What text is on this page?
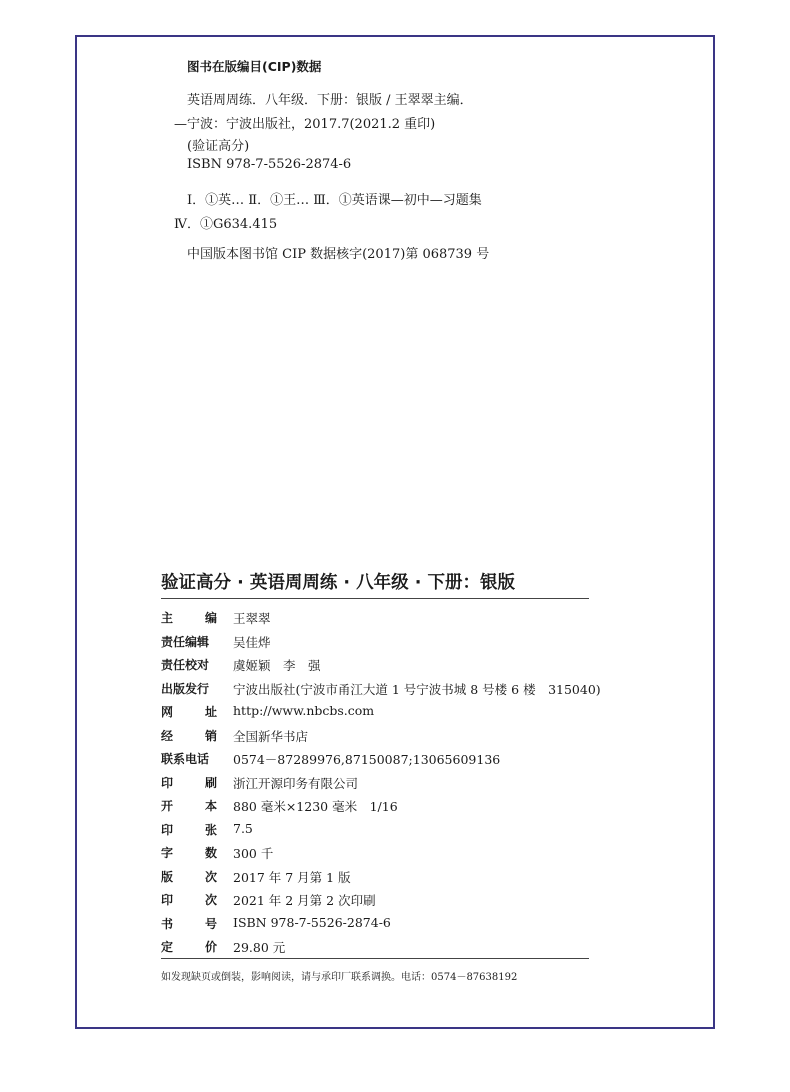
图书在版编目(CIP)数据
英语周周练．八年级．下册：银版 / 王翠翠主编．
—宁波：宁波出版社，2017.7(2021.2 重印)
(验证高分)
ISBN 978-7-5526-2874-6
Ⅰ．①英… Ⅱ．①王… Ⅲ．①英语课—初中—习题集
Ⅳ．①G634.415
中国版本图书馆 CIP 数据核字(2017)第 068739 号
验证高分 · 英语周周练 · 八年级 · 下册：银版
主	编 王翠翠
责任编辑 吴佳烨
责任校对 虞姬颖　李　强
出版发行 宁波出版社(宁波市甬江大道 1 号宁波书城 8 号楼 6 楼　315040)
网	址 http://www.nbcbs.com
经	销 全国新华书店
联系电话 0574－87289976,87150087;13065609136
印	刷 浙江开源印务有限公司
开	本 880 毫米×1230 毫米　1/16
印	张 7.5
字	数 300 千
版	次 2017 年 7 月第 1 版
印	次 2021 年 2 月第 2 次印刷
书	号 ISBN 978-7-5526-2874-6
定	价 29.80 元
如发现缺页或倒装，影响阅读，请与承印厂联系调换。电话：0574－87638192
